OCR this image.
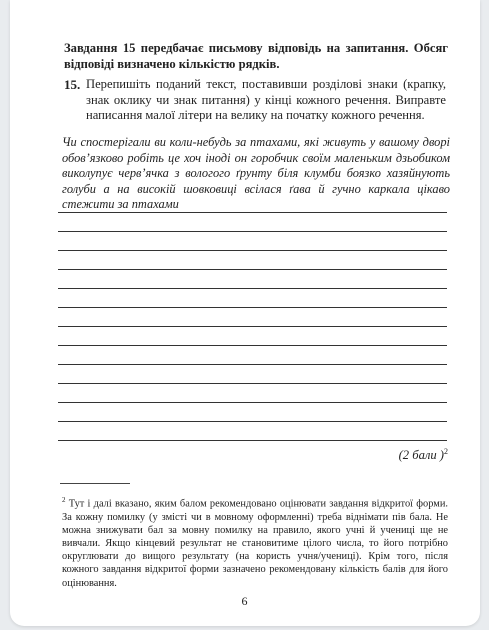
Завдання 15 передбачає письмову відповідь на запитання. Обсяг відповіді визначено кількістю рядків.
15. Перепишіть поданий текст, поставивши розділові знаки (крапку, знак оклику чи знак питання) у кінці кожного речення. Виправте написання малої літери на велику на початку кожного речення.
Чи спостерігали ви коли-небудь за птахами, які живуть у вашому дворі обов’язково робіть це хоч іноді он горобчик своїм маленьким дзьобиком виколупує черв’ячка з вологого ґрунту біля клумби боязко хазяйнують голуби а на високій шовковиці всілася ґава й гучно каркала цікаво стежити за птахами
(2 бали )$^2$
$^2$ Тут і далі вказано, яким балом рекомендовано оцінювати завдання відкритої форми. За кожну помилку (у змісті чи в мовному оформленні) треба віднімати пів бала. Не можна знижувати бал за мовну помилку на правило, якого учні й учениці ще не вивчали. Якщо кінцевий результат не становитиме цілого числа, то його потрібно округлювати до вищого результату (на користь учня/учениці). Крім того, після кожного завдання відкритої форми зазначено рекомендовану кількість балів для його оцінювання.
6
